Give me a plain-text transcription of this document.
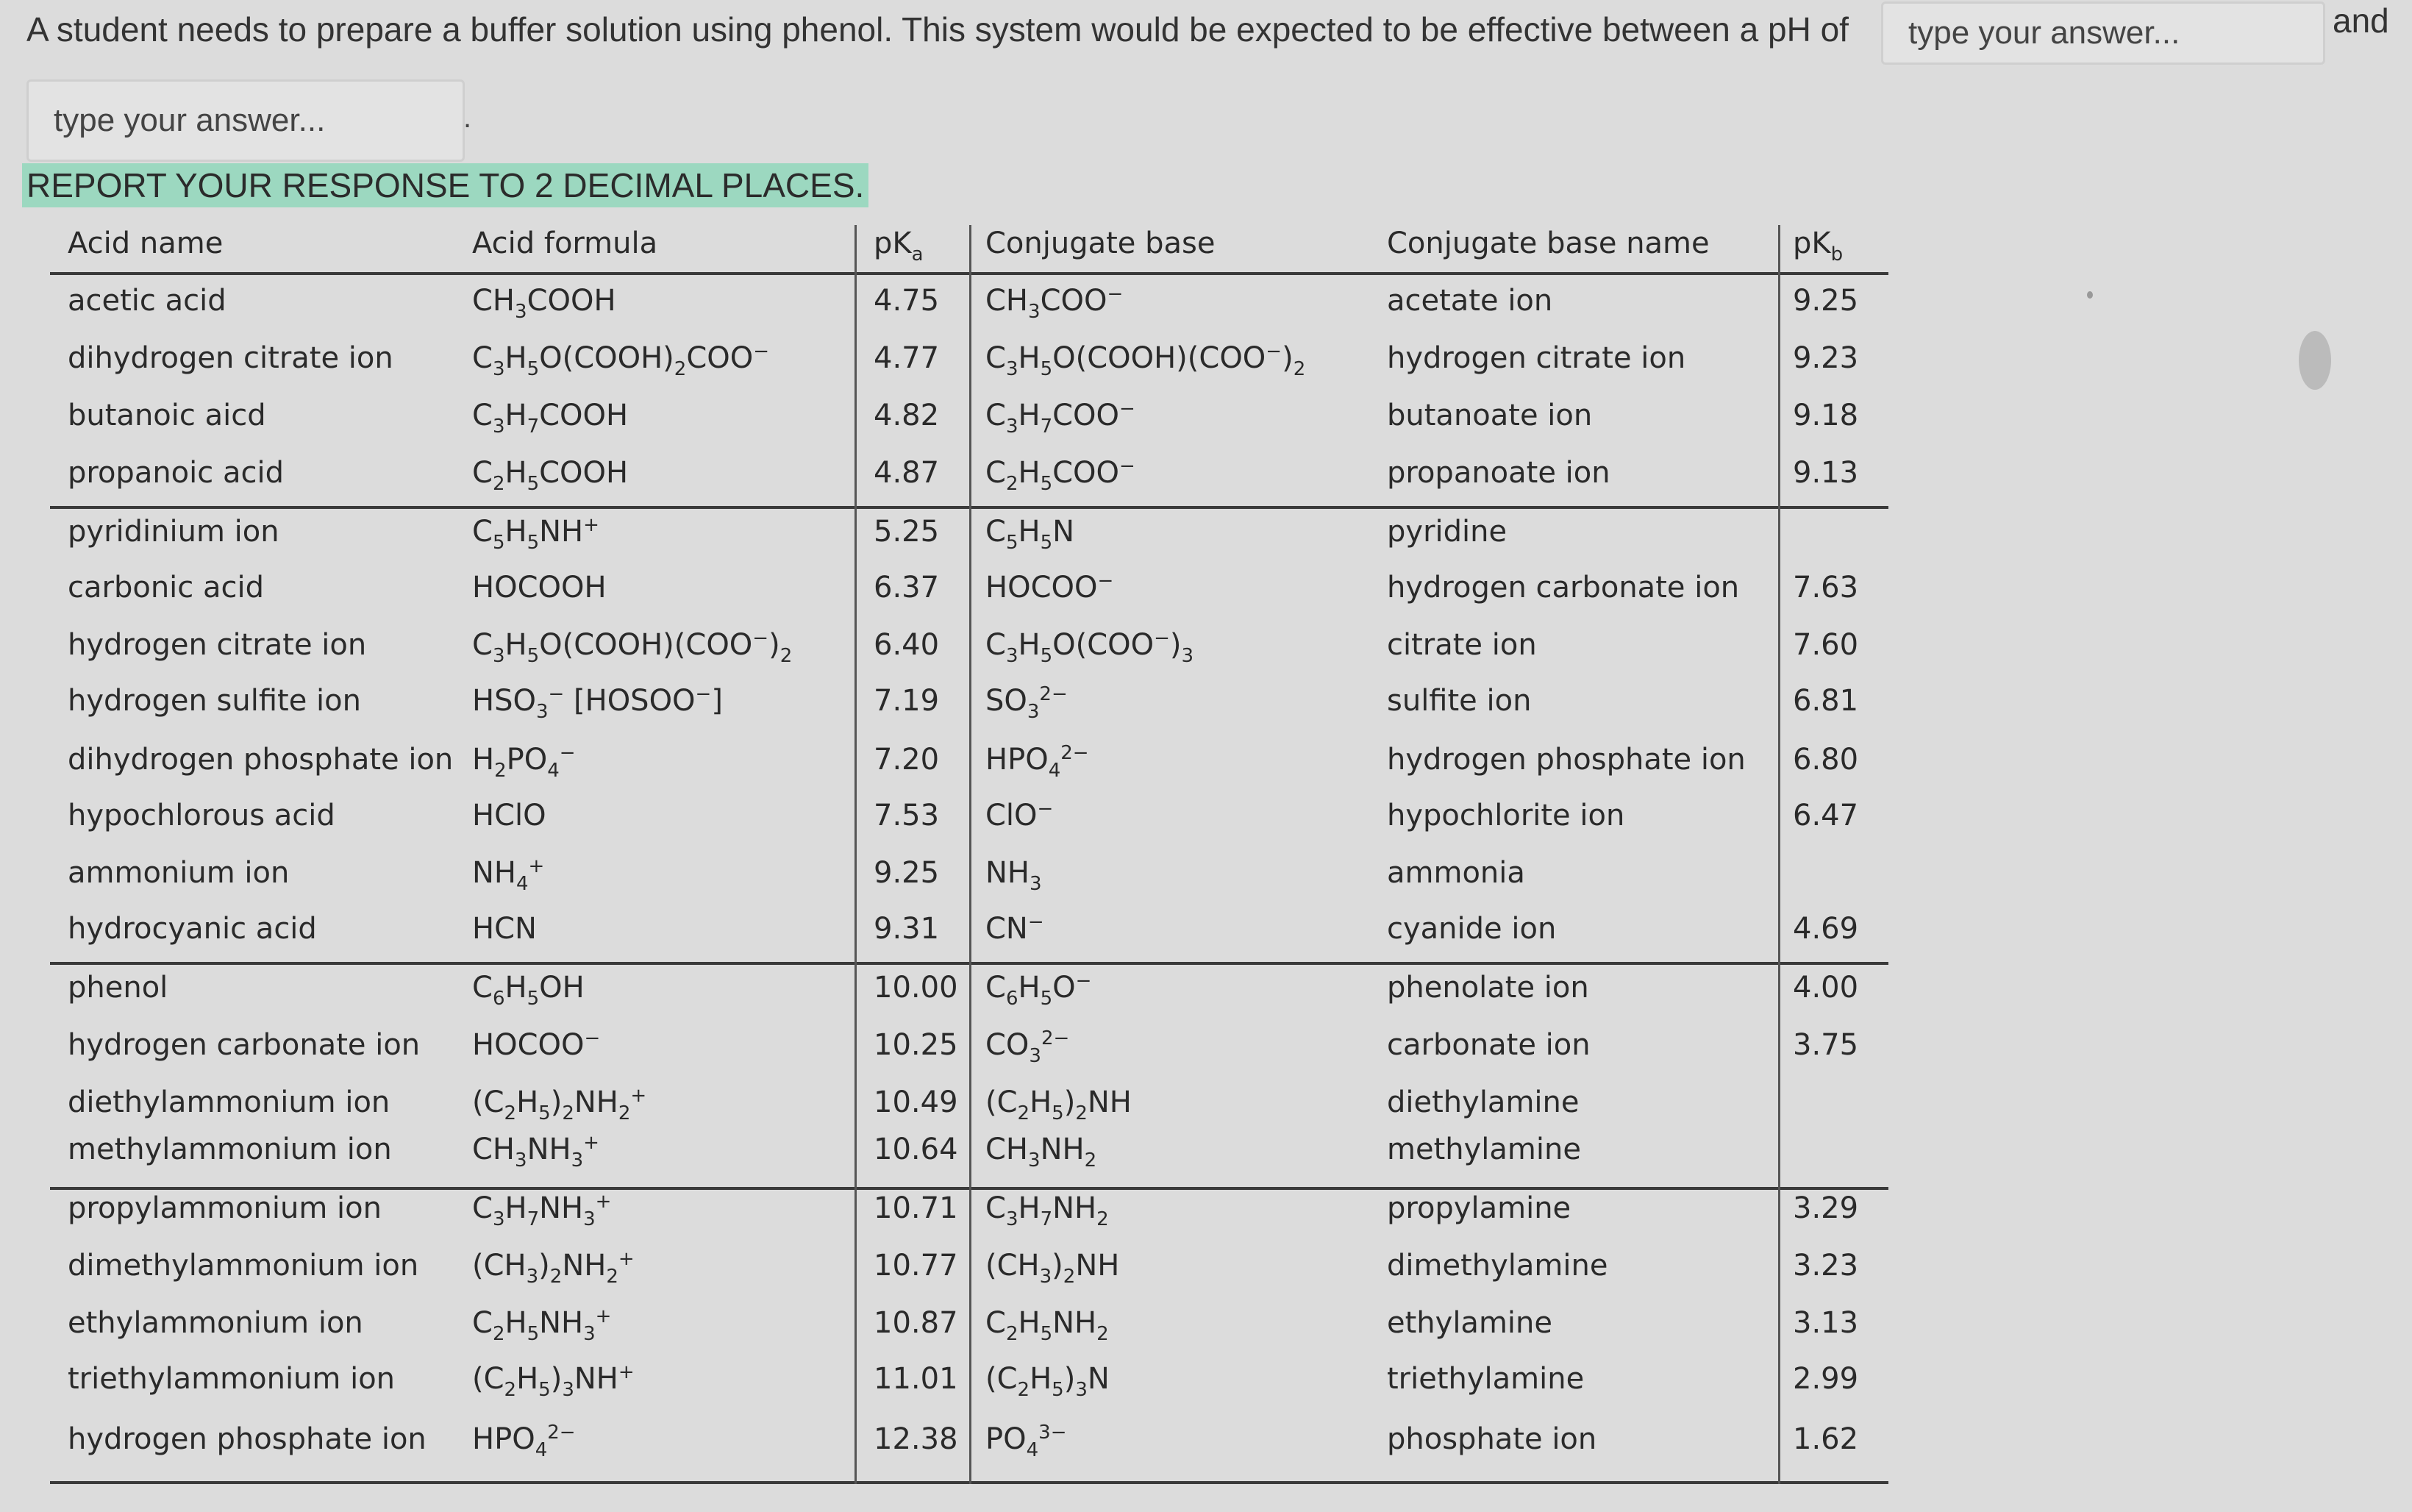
A student needs to prepare a buffer solution using phenol. This system would be expected to be effective between a pH of
type your answer...	and
type your answer...
.
REPORT YOUR RESPONSE TO 2 DECIMAL PLACES.
Acid name	Acid formula	$pK_a$ Conjugate base	Conjugate base name	$pK_b$
acetic acid	$CH_3COOH$	4.75 $CH_3COO^-$	acetate ion	9.25
dihydrogen citrate ion	$C_3H_5O(COOH)_2COO^-$	4.77 $C_3H_5O(COOH)(COO^-)_2$	hydrogen citrate ion	9.23
butanoic aicd	$C_3H_7COOH$	4.82 $C_3H_7COO^-$	butanoate ion	9.18
propanoic acid	$C_2H_5COOH$	4.87 $C_2H_5COO^-$	propanoate ion	9.13
pyridinium ion	$C_5H_5NH^+$	5.25 $C_5H_5N$	pyridine
carbonic acid	HOCOOH	6.37 HOCOO−	hydrogen carbonate ion 7.63
hydrogen citrate ion	$C_3H_5O(COOH)(COO^-)_2$	6.40 $C_3H_5O(COO^-)_3$	citrate ion	7.60
hydrogen sulfite ion	$HSO_3^-$ [HOSOO−]	7.19 $SO_3^{2-}$	sulfite ion	6.81
dihydrogen phosphate ion $H_2PO_4^-$	7.20 $HPO_4^{2-}$	hydrogen phosphate ion 6.80
hypochlorous acid	HClO	7.53 ClO−	hypochlorite ion	6.47
ammonium ion	$NH_4^+$	9.25 $NH_3$	ammonia
hydrocyanic acid	HCN	9.31 CN−	cyanide ion	4.69
phenol	$C_6H_5OH$	10.00 $C_6H_5O^-$	phenolate ion	4.00
hydrogen carbonate ion HOCOO−	10.25 $CO_3^{2-}$	carbonate ion	3.75
diethylammonium ion	$(C_2H_5)_2NH_2^+$	10.49 $(C_2H_5)_2NH$	diethylamine
methylammonium ion	$CH_3NH_3^+$	10.64 $CH_3NH_2$	methylamine
propylammonium ion	$C_3H_7NH_3^+$	10.71 $C_3H_7NH_2$	propylamine	3.29
dimethylammonium ion $(CH_3)_2NH_2^+$	10.77 $(CH_3)_2NH$	dimethylamine	3.23
ethylammonium ion	$C_2H_5NH_3^+$	10.87 $C_2H_5NH_2$	ethylamine	3.13
triethylammonium ion	$(C_2H_5)_3NH^+$	11.01 $(C_2H_5)_3N$	triethylamine	2.99
hydrogen phosphate ion $HPO_4^{2-}$	12.38 $PO_4^{3-}$	phosphate ion	1.62
